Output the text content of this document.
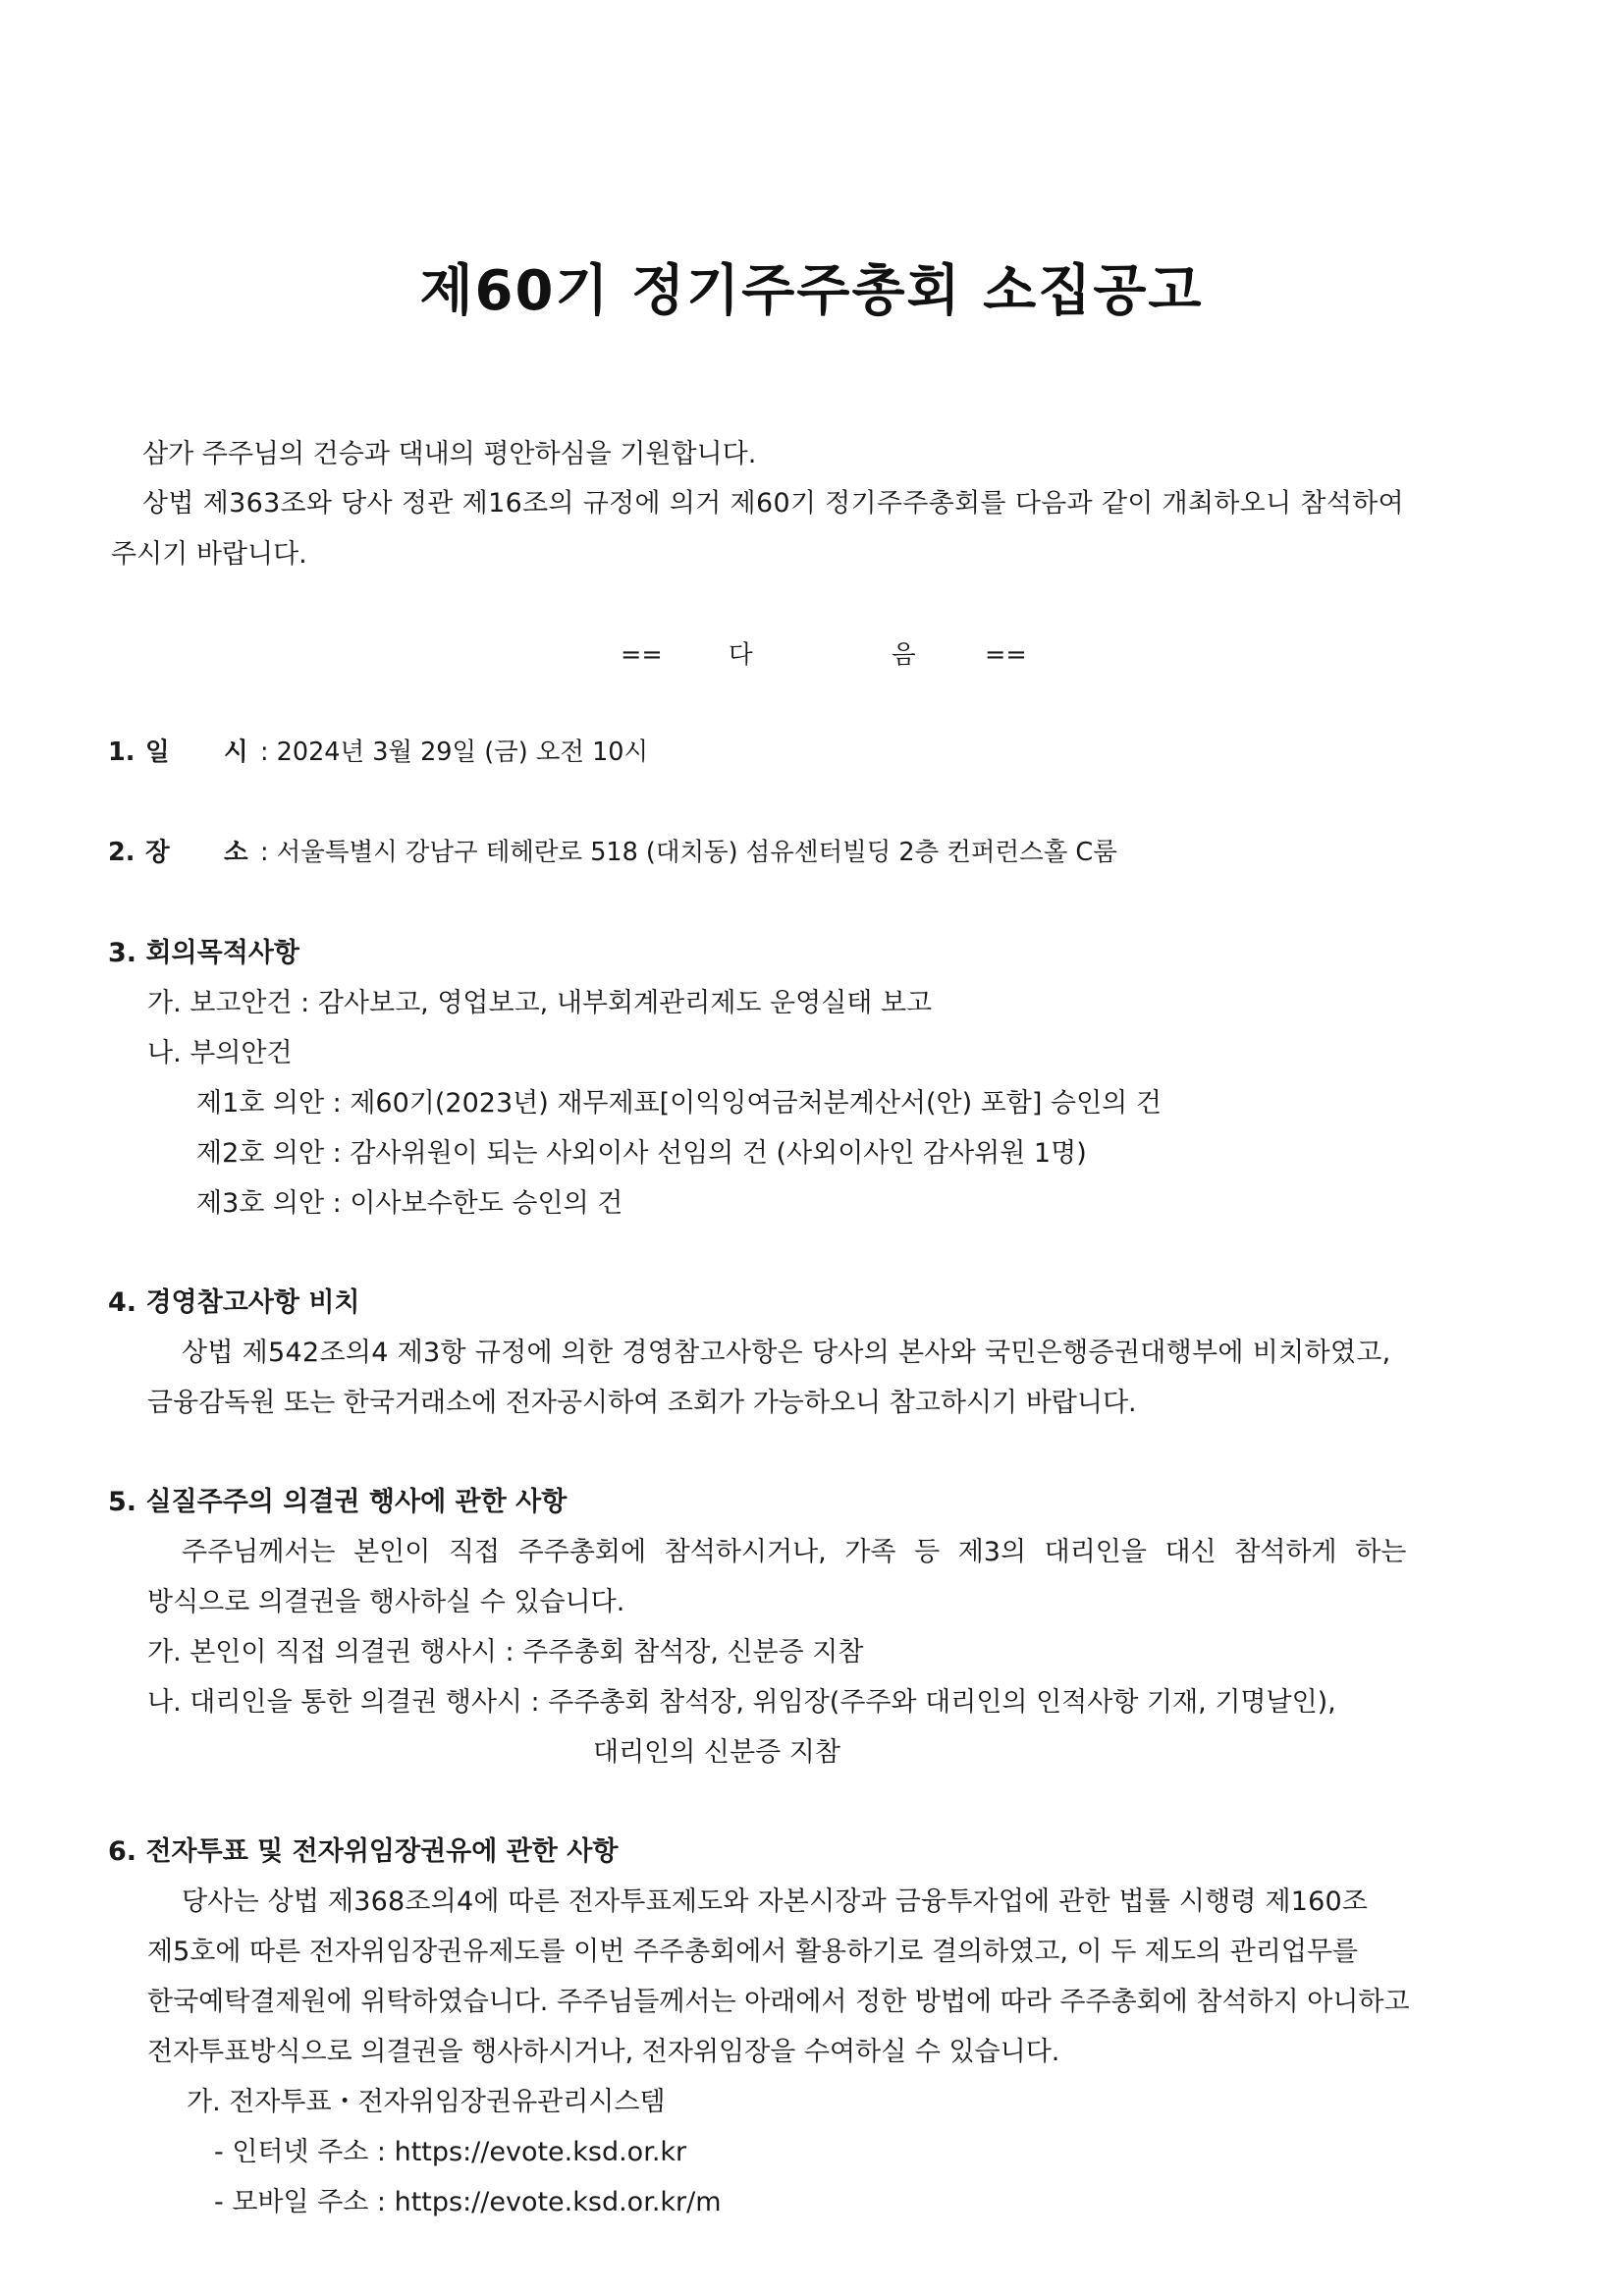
제60기 정기주주총회 소집공고
삼가 주주님의 건승과 댁내의 평안하심을 기원합니다.
상법 제363조와 당사 정관 제16조의 규정에 의거 제60기 정기주주총회를 다음과 같이 개최하오니 참석하여
주시기 바랍니다.
==	다	음	==
1. 일 시 : 2024년 3월 29일 (금) 오전 10시
2. 장 소 : 서울특별시 강남구 테헤란로 518 (대치동) 섬유센터빌딩 2층 컨퍼런스홀 C룸
3. 회의목적사항
가. 보고안건 : 감사보고, 영업보고, 내부회계관리제도 운영실태 보고
나. 부의안건
제1호 의안 : 제60기(2023년) 재무제표[이익잉여금처분계산서(안) 포함] 승인의 건
제2호 의안 : 감사위원이 되는 사외이사 선임의 건 (사외이사인 감사위원 1명)
제3호 의안 : 이사보수한도 승인의 건
4. 경영참고사항 비치
상법 제542조의4 제3항 규정에 의한 경영참고사항은 당사의 본사와 국민은행증권대행부에 비치하였고,
금융감독원 또는 한국거래소에 전자공시하여 조회가 가능하오니 참고하시기 바랍니다.
5. 실질주주의 의결권 행사에 관한 사항
주주님께서는 본인이 직접 주주총회에 참석하시거나, 가족 등 제3의 대리인을 대신 참석하게 하는
방식으로 의결권을 행사하실 수 있습니다.
가. 본인이 직접 의결권 행사시 : 주주총회 참석장, 신분증 지참
나. 대리인을 통한 의결권 행사시 : 주주총회 참석장, 위임장(주주와 대리인의 인적사항 기재, 기명날인),
대리인의 신분증 지참
6. 전자투표 및 전자위임장권유에 관한 사항
당사는 상법 제368조의4에 따른 전자투표제도와 자본시장과 금융투자업에 관한 법률 시행령 제160조
제5호에 따른 전자위임장권유제도를 이번 주주총회에서 활용하기로 결의하였고, 이 두 제도의 관리업무를
한국예탁결제원에 위탁하였습니다. 주주님들께서는 아래에서 정한 방법에 따라 주주총회에 참석하지 아니하고
전자투표방식으로 의결권을 행사하시거나, 전자위임장을 수여하실 수 있습니다.
가. 전자투표・전자위임장권유관리시스템
- 인터넷 주소 : https://evote.ksd.or.kr
- 모바일 주소 : https://evote.ksd.or.kr/m
